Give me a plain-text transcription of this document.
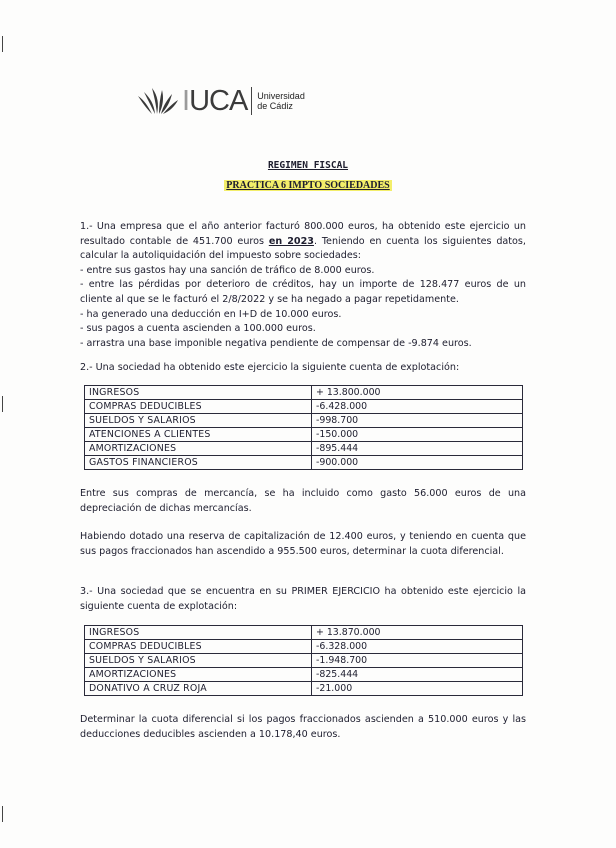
IUCA Universidad
de Cádiz
REGIMEN FISCAL
PRACTICA 6 IMPTO SOCIEDADES

1.- Una empresa que el año anterior facturó 800.000 euros, ha obtenido este ejercicio un resultado contable de 451.700 euros en 2023. Teniendo en cuenta los siguientes datos, calcular la autoliquidación del impuesto sobre sociedades:

- entre sus gastos hay una sanción de tráfico de 8.000 euros.

- entre las pérdidas por deterioro de créditos, hay un importe de 128.477 euros de un cliente al que se le facturó el 2/8/2022 y se ha negado a pagar repetidamente.

- ha generado una deducción en I+D de 10.000 euros.

- sus pagos a cuenta ascienden a 100.000 euros.

- arrastra una base imponible negativa pendiente de compensar de -9.874 euros.

2.- Una sociedad ha obtenido este ejercicio la siguiente cuenta de explotación:
INGRESOS	+ 13.800.000
COMPRAS DEDUCIBLES	-6.428.000
SUELDOS Y SALARIOS	-998.700
ATENCIONES A CLIENTES	-150.000
AMORTIZACIONES	-895.444
GASTOS FINANCIEROS	-900.000
Entre sus compras de mercancía, se ha incluido como gasto 56.000 euros de una depreciación de dichas mercancías.
Habiendo dotado una reserva de capitalización de 12.400 euros, y teniendo en cuenta que sus pagos fraccionados han ascendido a 955.500 euros, determinar la cuota diferencial.
3.- Una sociedad que se encuentra en su PRIMER EJERCICIO ha obtenido este ejercicio la siguiente cuenta de explotación:
INGRESOS	+ 13.870.000
COMPRAS DEDUCIBLES	-6.328.000
SUELDOS Y SALARIOS	-1.948.700
AMORTIZACIONES	-825.444
DONATIVO A CRUZ ROJA	-21.000
Determinar la cuota diferencial si los pagos fraccionados ascienden a 510.000 euros y las deducciones deducibles ascienden a 10.178,40 euros.
